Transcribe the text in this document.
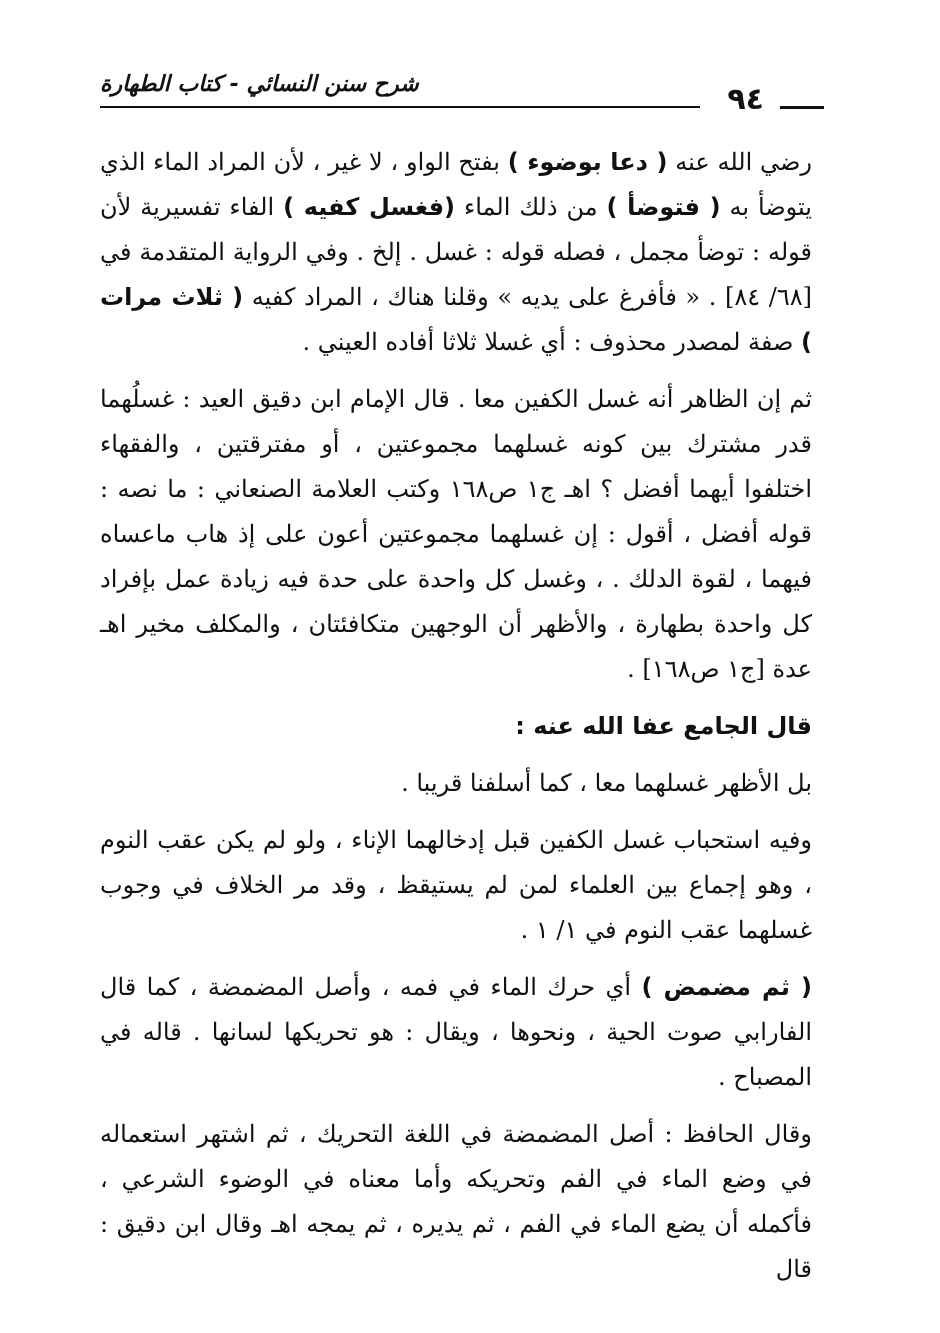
شرح سنن النسائي - كتاب الطهارة	٩٤

رضي الله عنه ( دعا بوضوء ) بفتح الواو ، لا غير ، لأن المراد الماء الذي يتوضأ به ( فتوضأ ) من ذلك الماء (فغسل كفيه ) الفاء تفسيرية لأن قوله : توضأ مجمل ، فصله قوله : غسل . إلخ . وفي الرواية المتقدمة في [٦٨/ ٨٤] . « فأفرغ على يديه » وقلنا هناك ، المراد كفيه ( ثلاث مرات ) صفة لمصدر محذوف : أي غسلا ثلاثا أفاده العيني .

ثم إن الظاهر أنه غسل الكفين معا . قال الإمام ابن دقيق العيد : غسلُهما قدر مشترك بين كونه غسلهما مجموعتين ، أو مفترقتين ، والفقهاء اختلفوا أيهما أفضل ؟ اهـ ج١ ص١٦٨ وكتب العلامة الصنعاني : ما نصه : قوله أفضل ، أقول : إن غسلهما مجموعتين أعون على إذ هاب ماعساه فيهما ، لقوة الدلك . ، وغسل كل واحدة على حدة فيه زيادة عمل بإفراد كل واحدة بطهارة ، والأظهر أن الوجهين متكافئتان ، والمكلف مخير اهـ عدة [ج١ ص١٦٨] .

قال الجامع عفا الله عنه :

بل الأظهر غسلهما معا ، كما أسلفنا قريبا .

وفيه استحباب غسل الكفين قبل إدخالهما الإناء ، ولو لم يكن عقب النوم ، وهو إجماع بين العلماء لمن لم يستيقظ ، وقد مر الخلاف في وجوب غسلهما عقب النوم في ١/ ١ .

( ثم مضمض ) أي حرك الماء في فمه ، وأصل المضمضة ، كما قال الفارابي صوت الحية ، ونحوها ، ويقال : هو تحريكها لسانها . قاله في المصباح .

وقال الحافظ : أصل المضمضة في اللغة التحريك ، ثم اشتهر استعماله في وضع الماء في الفم وتحريكه وأما معناه في الوضوء الشرعي ، فأكمله أن يضع الماء في الفم ، ثم يديره ، ثم يمجه اهـ وقال ابن دقيق : قال
